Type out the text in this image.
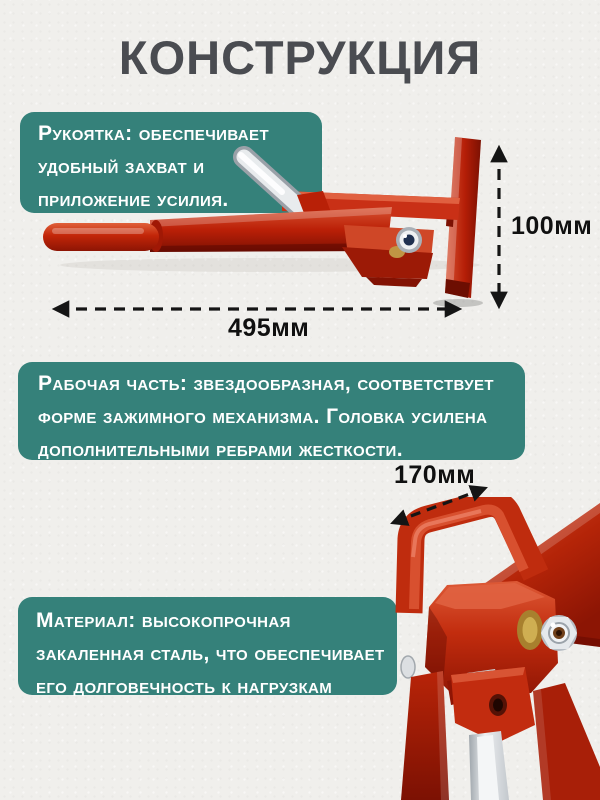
КОНСТРУКЦИЯ
Рукоятка: обеспечивает
удобный захват и
приложение усилия.
100мм
495мм
Рабочая часть: звездообразная, соответствует
форме зажимного механизма. Головка усилена
дополнительными ребрами жесткости.
Материал: высокопрочная
закаленная сталь, что обеспечивает
его долговечность к нагрузкам
170мм
